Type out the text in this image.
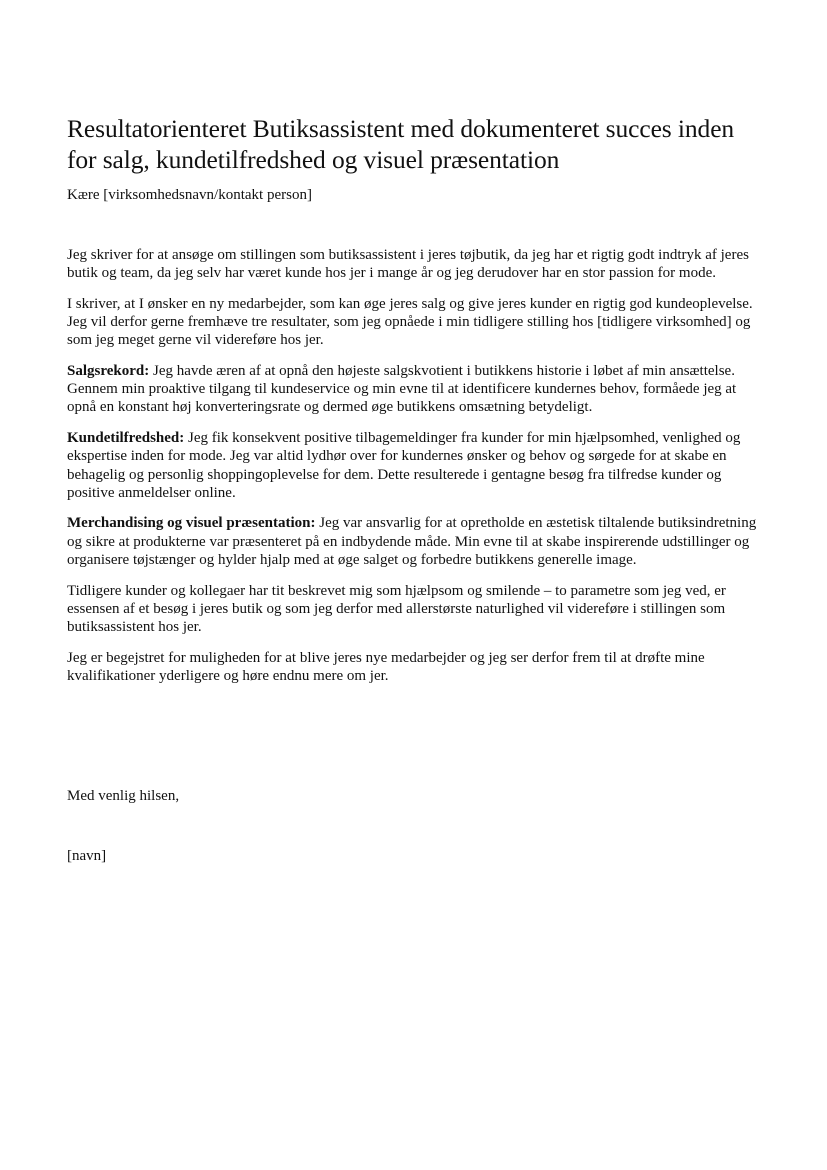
Resultatorienteret Butiksassistent med dokumenteret succes inden for salg, kundetilfredshed og visuel præsentation
Kære [virksomhedsnavn/kontakt person]

Jeg skriver for at ansøge om stillingen som butiksassistent i jeres tøjbutik, da jeg har et rigtig godt indtryk af jeres butik og team, da jeg selv har været kunde hos jer i mange år og jeg derudover har en stor passion for mode.

I skriver, at I ønsker en ny medarbejder, som kan øge jeres salg og give jeres kunder en rigtig god kundeoplevelse. Jeg vil derfor gerne fremhæve tre resultater, som jeg opnåede i min tidligere stilling hos [tidligere virksomhed] og som jeg meget gerne vil videreføre hos jer.

Salgsrekord: Jeg havde æren af at opnå den højeste salgskvotient i butikkens historie i løbet af min ansættelse. Gennem min proaktive tilgang til kundeservice og min evne til at identificere kundernes behov, formåede jeg at opnå en konstant høj konverteringsrate og dermed øge butikkens omsætning betydeligt.

Kundetilfredshed: Jeg fik konsekvent positive tilbagemeldinger fra kunder for min hjælpsomhed, venlighed og ekspertise inden for mode. Jeg var altid lydhør over for kundernes ønsker og behov og sørgede for at skabe en behagelig og personlig shoppingoplevelse for dem. Dette resulterede i gentagne besøg fra tilfredse kunder og positive anmeldelser online.

Merchandising og visuel præsentation: Jeg var ansvarlig for at opretholde en æstetisk tiltalende butiksindretning og sikre at produkterne var præsenteret på en indbydende måde. Min evne til at skabe inspirerende udstillinger og organisere tøjstænger og hylder hjalp med at øge salget og forbedre butikkens generelle image.

Tidligere kunder og kollegaer har tit beskrevet mig som hjælpsom og smilende – to parametre som jeg ved, er essensen af et besøg i jeres butik og som jeg derfor med allerstørste naturlighed vil videreføre i stillingen som butiksassistent hos jer.

Jeg er begejstret for muligheden for at blive jeres nye medarbejder og jeg ser derfor frem til at drøfte mine kvalifikationer yderligere og høre endnu mere om jer.

Med venlig hilsen,

[navn]
